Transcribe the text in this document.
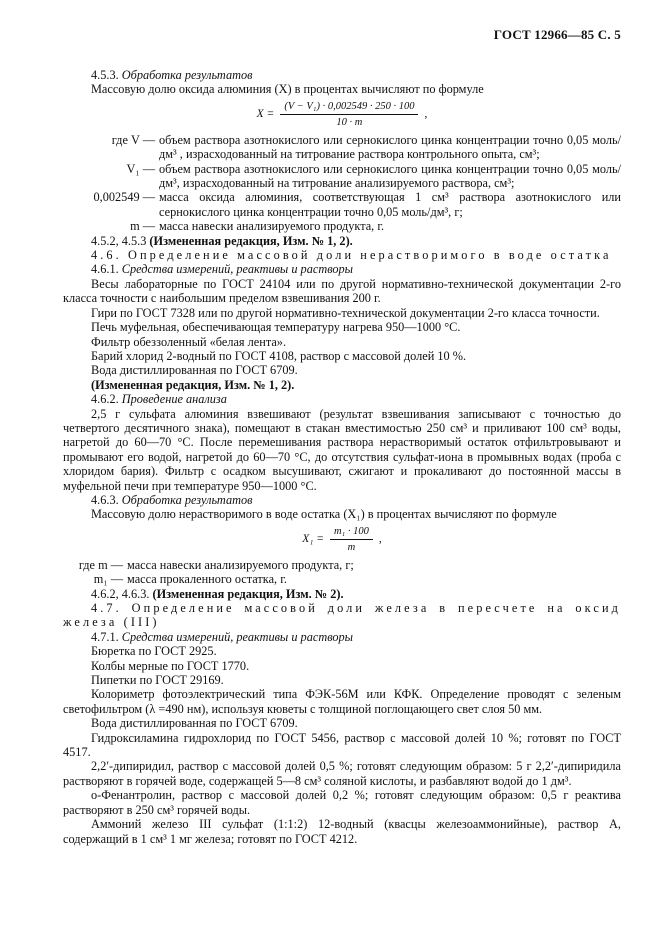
ГОСТ 12966—85 С. 5
4.5.3. Обработка результатов
Массовую долю оксида алюминия (X) в процентах вычисляют по формуле
$X = \frac{\text{(V − V₁) · 0,002549 · 250 · 100}}{10 \cdot m}$ ,
где V — объем раствора азотнокислого или сернокислого цинка концентрации точно 0,05 моль/дм³ , израсходованный на титрование раствора контрольного опыта, см³;
V₁ — объем раствора азотнокислого или сернокислого цинка концентрации точно 0,05 моль/дм³, израсходованный на титрование анализируемого раствора, см³;
0,002549 — масса оксида алюминия, соответствующая 1 см³ раствора азотнокислого или сернокислого цинка концентрации точно 0,05 моль/дм³, г;
m — масса навески анализируемого продукта, г.
4.5.2, 4.5.3 (Измененная редакция, Изм. № 1, 2).
4.6. Определение массовой доли нерастворимого в воде остатка
4.6.1. Средства измерений, реактивы и растворы
Весы лабораторные по ГОСТ 24104 или по другой нормативно-технической документации 2-го класса точности с наибольшим пределом взвешивания 200 г.
Гири по ГОСТ 7328 или по другой нормативно-технической документации 2-го класса точности.
Печь муфельная, обеспечивающая температуру нагрева 950—1000 °С.
Фильтр обеззоленный «белая лента».
Барий хлорид 2-водный по ГОСТ 4108, раствор с массовой долей 10 %.
Вода дистиллированная по ГОСТ 6709.
(Измененная редакция, Изм. № 1, 2).
4.6.2. Проведение анализа
2,5 г сульфата алюминия взвешивают (результат взвешивания записывают с точностью до четвертого десятичного знака), помещают в стакан вместимостью 250 см³ и приливают 100 см³ воды, нагретой до 60—70 °С. После перемешивания раствора нерастворимый остаток отфильтровывают и промывают его водой, нагретой до 60—70 °С, до отсутствия сульфат-иона в промывных водах (проба с хлоридом бария). Фильтр с осадком высушивают, сжигают и прокаливают до постоянной массы в муфельной печи при температуре 950—1000 °С.
4.6.3. Обработка результатов
Массовую долю нерастворимого в воде остатка (X₁) в процентах вычисляют по формуле
$X_1 = \frac{\text{m₁ · 100}}{m}$ ,
где m — масса навески анализируемого продукта, г;
m₁ — масса прокаленного остатка, г.
4.6.2, 4.6.3. (Измененная редакция, Изм. № 2).
4.7. Определение массовой доли железа в пересчете на оксид
железа (III)
4.7.1. Средства измерений, реактивы и растворы
Бюретка по ГОСТ 2925.
Колбы мерные по ГОСТ 1770.
Пипетки по ГОСТ 29169.
Колориметр фотоэлектрический типа ФЭК-56М или КФК. Определение проводят с зеленым светофильтром (λ =490 нм), используя кюветы с толщиной поглощающего свет слоя 50 мм.
Вода дистиллированная по ГОСТ 6709.
Гидроксиламина гидрохлорид по ГОСТ 5456, раствор с массовой долей 10 %; готовят по ГОСТ 4517.
2,2′-дипиридил, раствор с массовой долей 0,5 %; готовят следующим образом: 5 г 2,2′-дипиридила растворяют в горячей воде, содержащей 5—8 см³ соляной кислоты, и разбавляют водой до 1 дм³.
о-Фенантролин, раствор с массовой долей 0,2 %; готовят следующим образом: 0,5 г реактива растворяют в 250 см³ горячей воды.
Аммоний железо III сульфат (1:1:2) 12-водный (квасцы железоаммонийные), раствор А, содержащий в 1 см³ 1 мг железа; готовят по ГОСТ 4212.
